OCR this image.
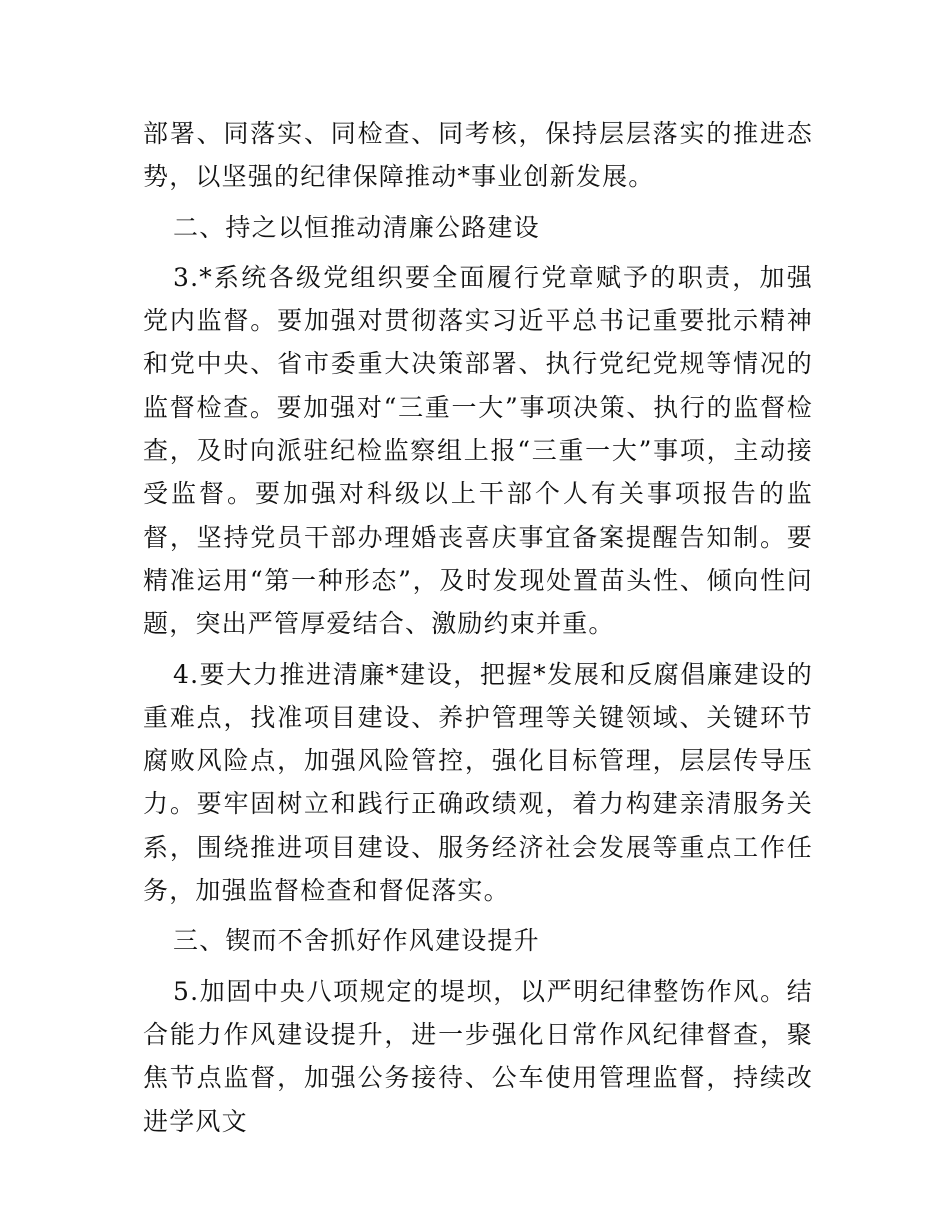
部署、同落实、同检查、同考核，保持层层落实的推进态势，以坚强的纪律保障推动*事业创新发展。

二、持之以恒推动清廉公路建设

3.*系统各级党组织要全面履行党章赋予的职责，加强党内监督。要加强对贯彻落实习近平总书记重要批示精神和党中央、省市委重大决策部署、执行党纪党规等情况的监督检查。要加强对“三重一大”事项决策、执行的监督检查，及时向派驻纪检监察组上报“三重一大”事项，主动接受监督。要加强对科级以上干部个人有关事项报告的监督，坚持党员干部办理婚丧喜庆事宜备案提醒告知制。要精准运用“第一种形态”，及时发现处置苗头性、倾向性问题，突出严管厚爱结合、激励约束并重。

4.要大力推进清廉*建设，把握*发展和反腐倡廉建设的重难点，找准项目建设、养护管理等关键领域、关键环节腐败风险点，加强风险管控，强化目标管理，层层传导压力。要牢固树立和践行正确政绩观，着力构建亲清服务关系，围绕推进项目建设、服务经济社会发展等重点工作任务，加强监督检查和督促落实。

三、锲而不舍抓好作风建设提升

5.加固中央八项规定的堤坝，以严明纪律整饬作风。结合能力作风建设提升，进一步强化日常作风纪律督查，聚焦节点监督，加强公务接待、公车使用管理监督，持续改进学风文
